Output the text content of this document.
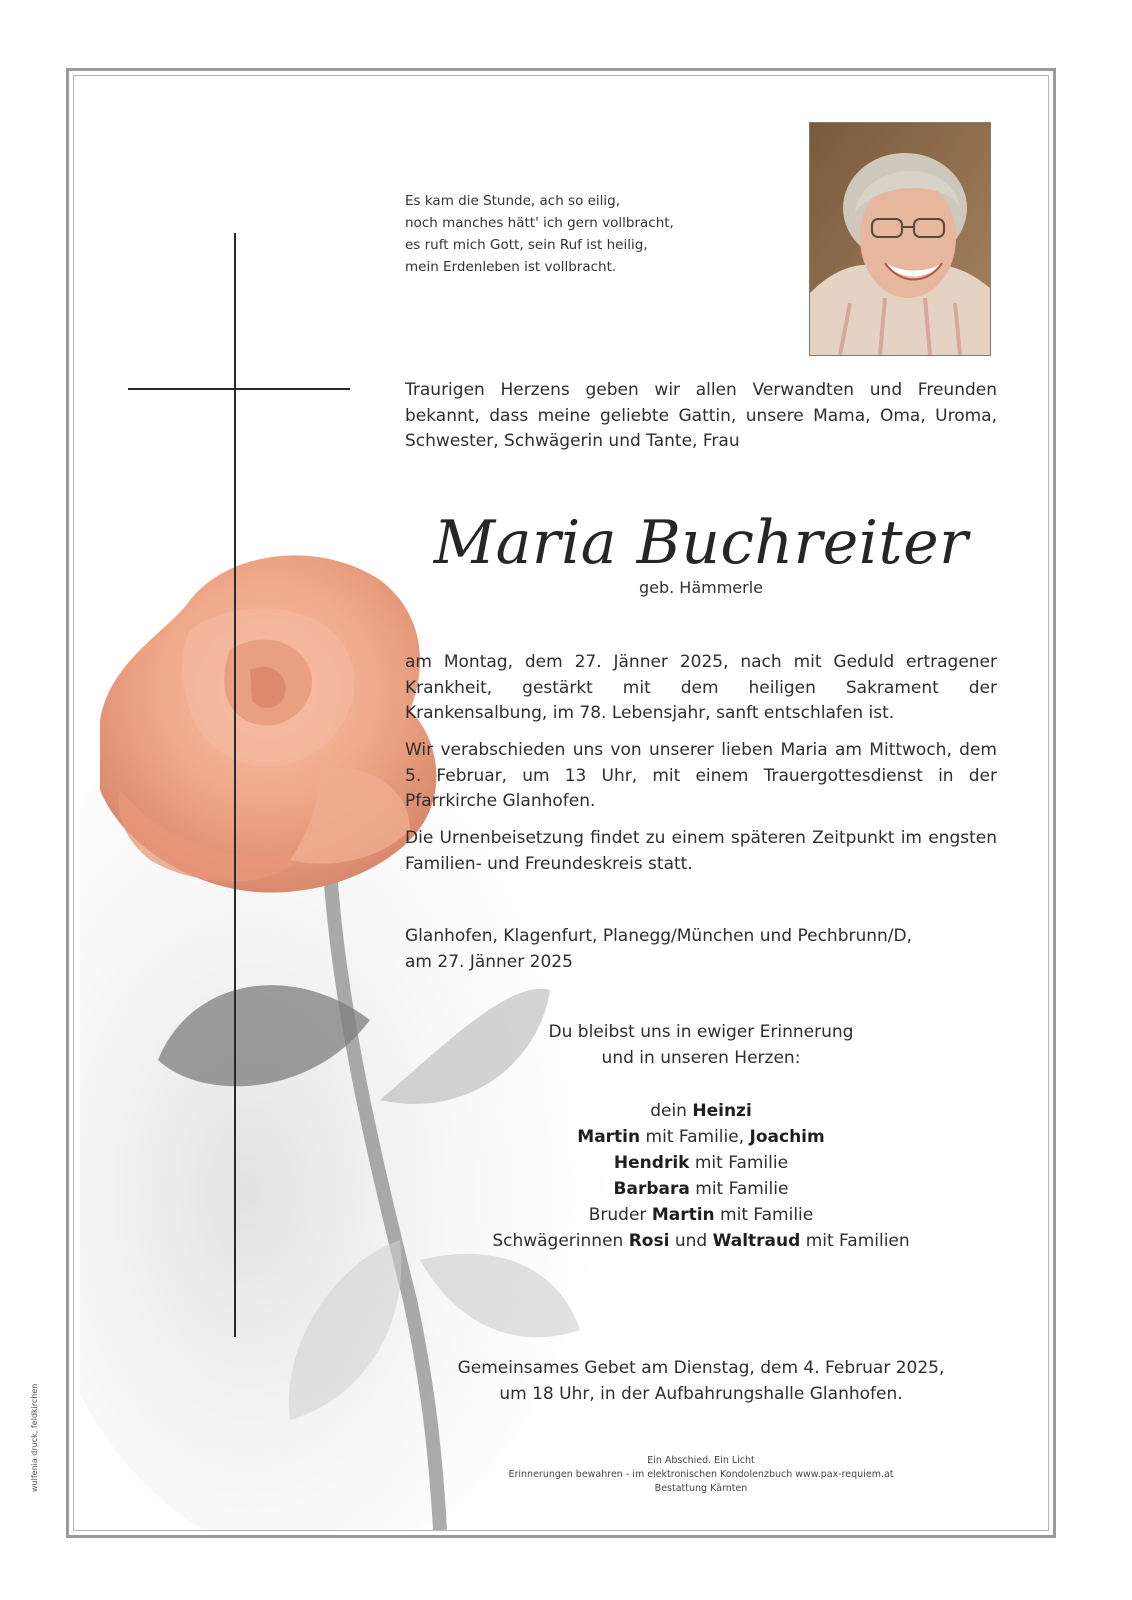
Es kam die Stunde, ach so eilig,
noch manches hätt' ich gern vollbracht,
es ruft mich Gott, sein Ruf ist heilig,
mein Erdenleben ist vollbracht.
Traurigen Herzens geben wir allen Verwandten und Freunden bekannt, dass meine geliebte Gattin, unsere Mama, Oma, Uroma, Schwester, Schwägerin und Tante, Frau
Maria Buchreiter
geb. Hämmerle
am Montag, dem 27. Jänner 2025, nach mit Geduld ertragener Krankheit, gestärkt mit dem heiligen Sakrament der Krankensalbung, im 78. Lebensjahr, sanft entschlafen ist.
Wir verabschieden uns von unserer lieben Maria am Mittwoch, dem 5. Februar, um 13 Uhr, mit einem Trauergottesdienst in der Pfarrkirche Glanhofen.
Die Urnenbeisetzung findet zu einem späteren Zeitpunkt im engsten Familien- und Freundeskreis statt.
Glanhofen, Klagenfurt, Planegg/München und Pechbrunn/D,
am 27. Jänner 2025
Du bleibst uns in ewiger Erinnerung
und in unseren Herzen:
dein Heinzi
Martin mit Familie, Joachim
Hendrik mit Familie
Barbara mit Familie
Bruder Martin mit Familie
Schwägerinnen Rosi und Waltraud mit Familien
Gemeinsames Gebet am Dienstag, dem 4. Februar 2025,
um 18 Uhr, in der Aufbahrungshalle Glanhofen.
Ein Abschied. Ein Licht
Erinnerungen bewahren - im elektronischen Kondolenzbuch www.pax-requiem.at
Bestattung Kärnten
wulfenia druck, feldkirchen
